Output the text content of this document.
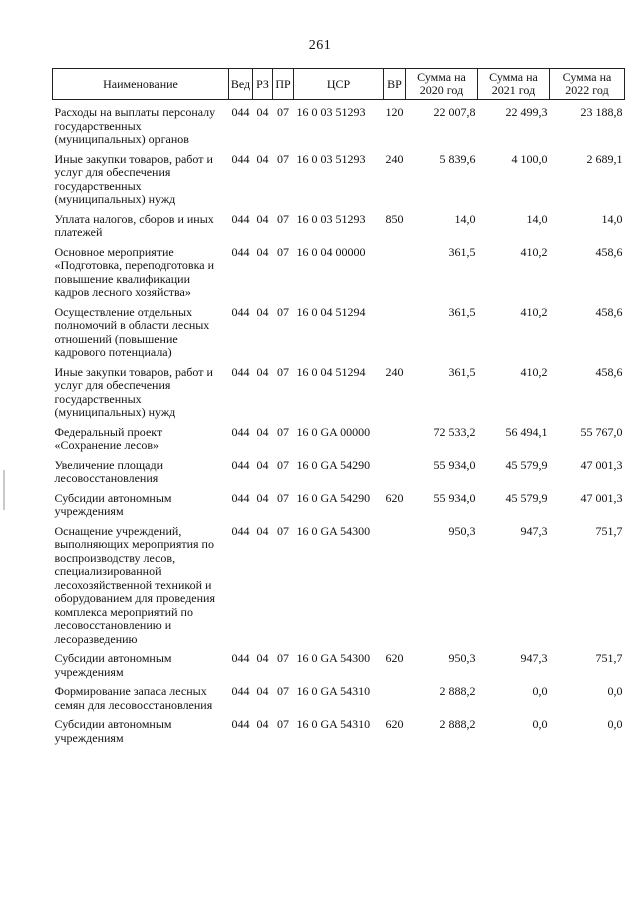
261
Наименование	Вед	РЗ	ПР	ЦСР	ВР	Сумма на 2020 год	Сумма на 2021 год	Сумма на 2022 год

Расходы на выплаты персоналу государственных (муниципальных) органов	044	04	07	16 0 03 51293	120	22 007,8	22 499,3	23 188,8

Иные закупки товаров, работ и услуг для обеспечения государственных (муниципальных) нужд	044	04	07	16 0 03 51293	240	5 839,6	4 100,0	2 689,1

Уплата налогов, сборов и иных платежей	044	04	07	16 0 03 51293	850	14,0	14,0	14,0

Основное мероприятие «Подготовка, переподготовка и повышение квалификации кадров лесного хозяйства»	044	04	07	16 0 04 00000		361,5	410,2	458,6

Осуществление отдельных полномочий в области лесных отношений (повышение кадрового потенциала)	044	04	07	16 0 04 51294		361,5	410,2	458,6

Иные закупки товаров, работ и услуг для обеспечения государственных (муниципальных) нужд	044	04	07	16 0 04 51294	240	361,5	410,2	458,6

Федеральный проект «Сохранение лесов»	044	04	07	16 0 GA 00000		72 533,2	56 494,1	55 767,0

Увеличение площади лесовосстановления	044	04	07	16 0 GA 54290		55 934,0	45 579,9	47 001,3

Субсидии автономным учреждениям	044	04	07	16 0 GA 54290	620	55 934,0	45 579,9	47 001,3

Оснащение учреждений, выполняющих мероприятия по воспроизводству лесов, специализированной лесохозяйственной техникой и оборудованием для проведения комплекса мероприятий по лесовосстановлению и лесоразведению	044	04	07	16 0 GA 54300		950,3	947,3	751,7

Субсидии автономным учреждениям	044	04	07	16 0 GA 54300	620	950,3	947,3	751,7

Формирование запаса лесных семян для лесовосстановления	044	04	07	16 0 GA 54310		2 888,2	0,0	0,0

Субсидии автономным учреждениям	044	04	07	16 0 GA 54310	620	2 888,2	0,0	0,0
